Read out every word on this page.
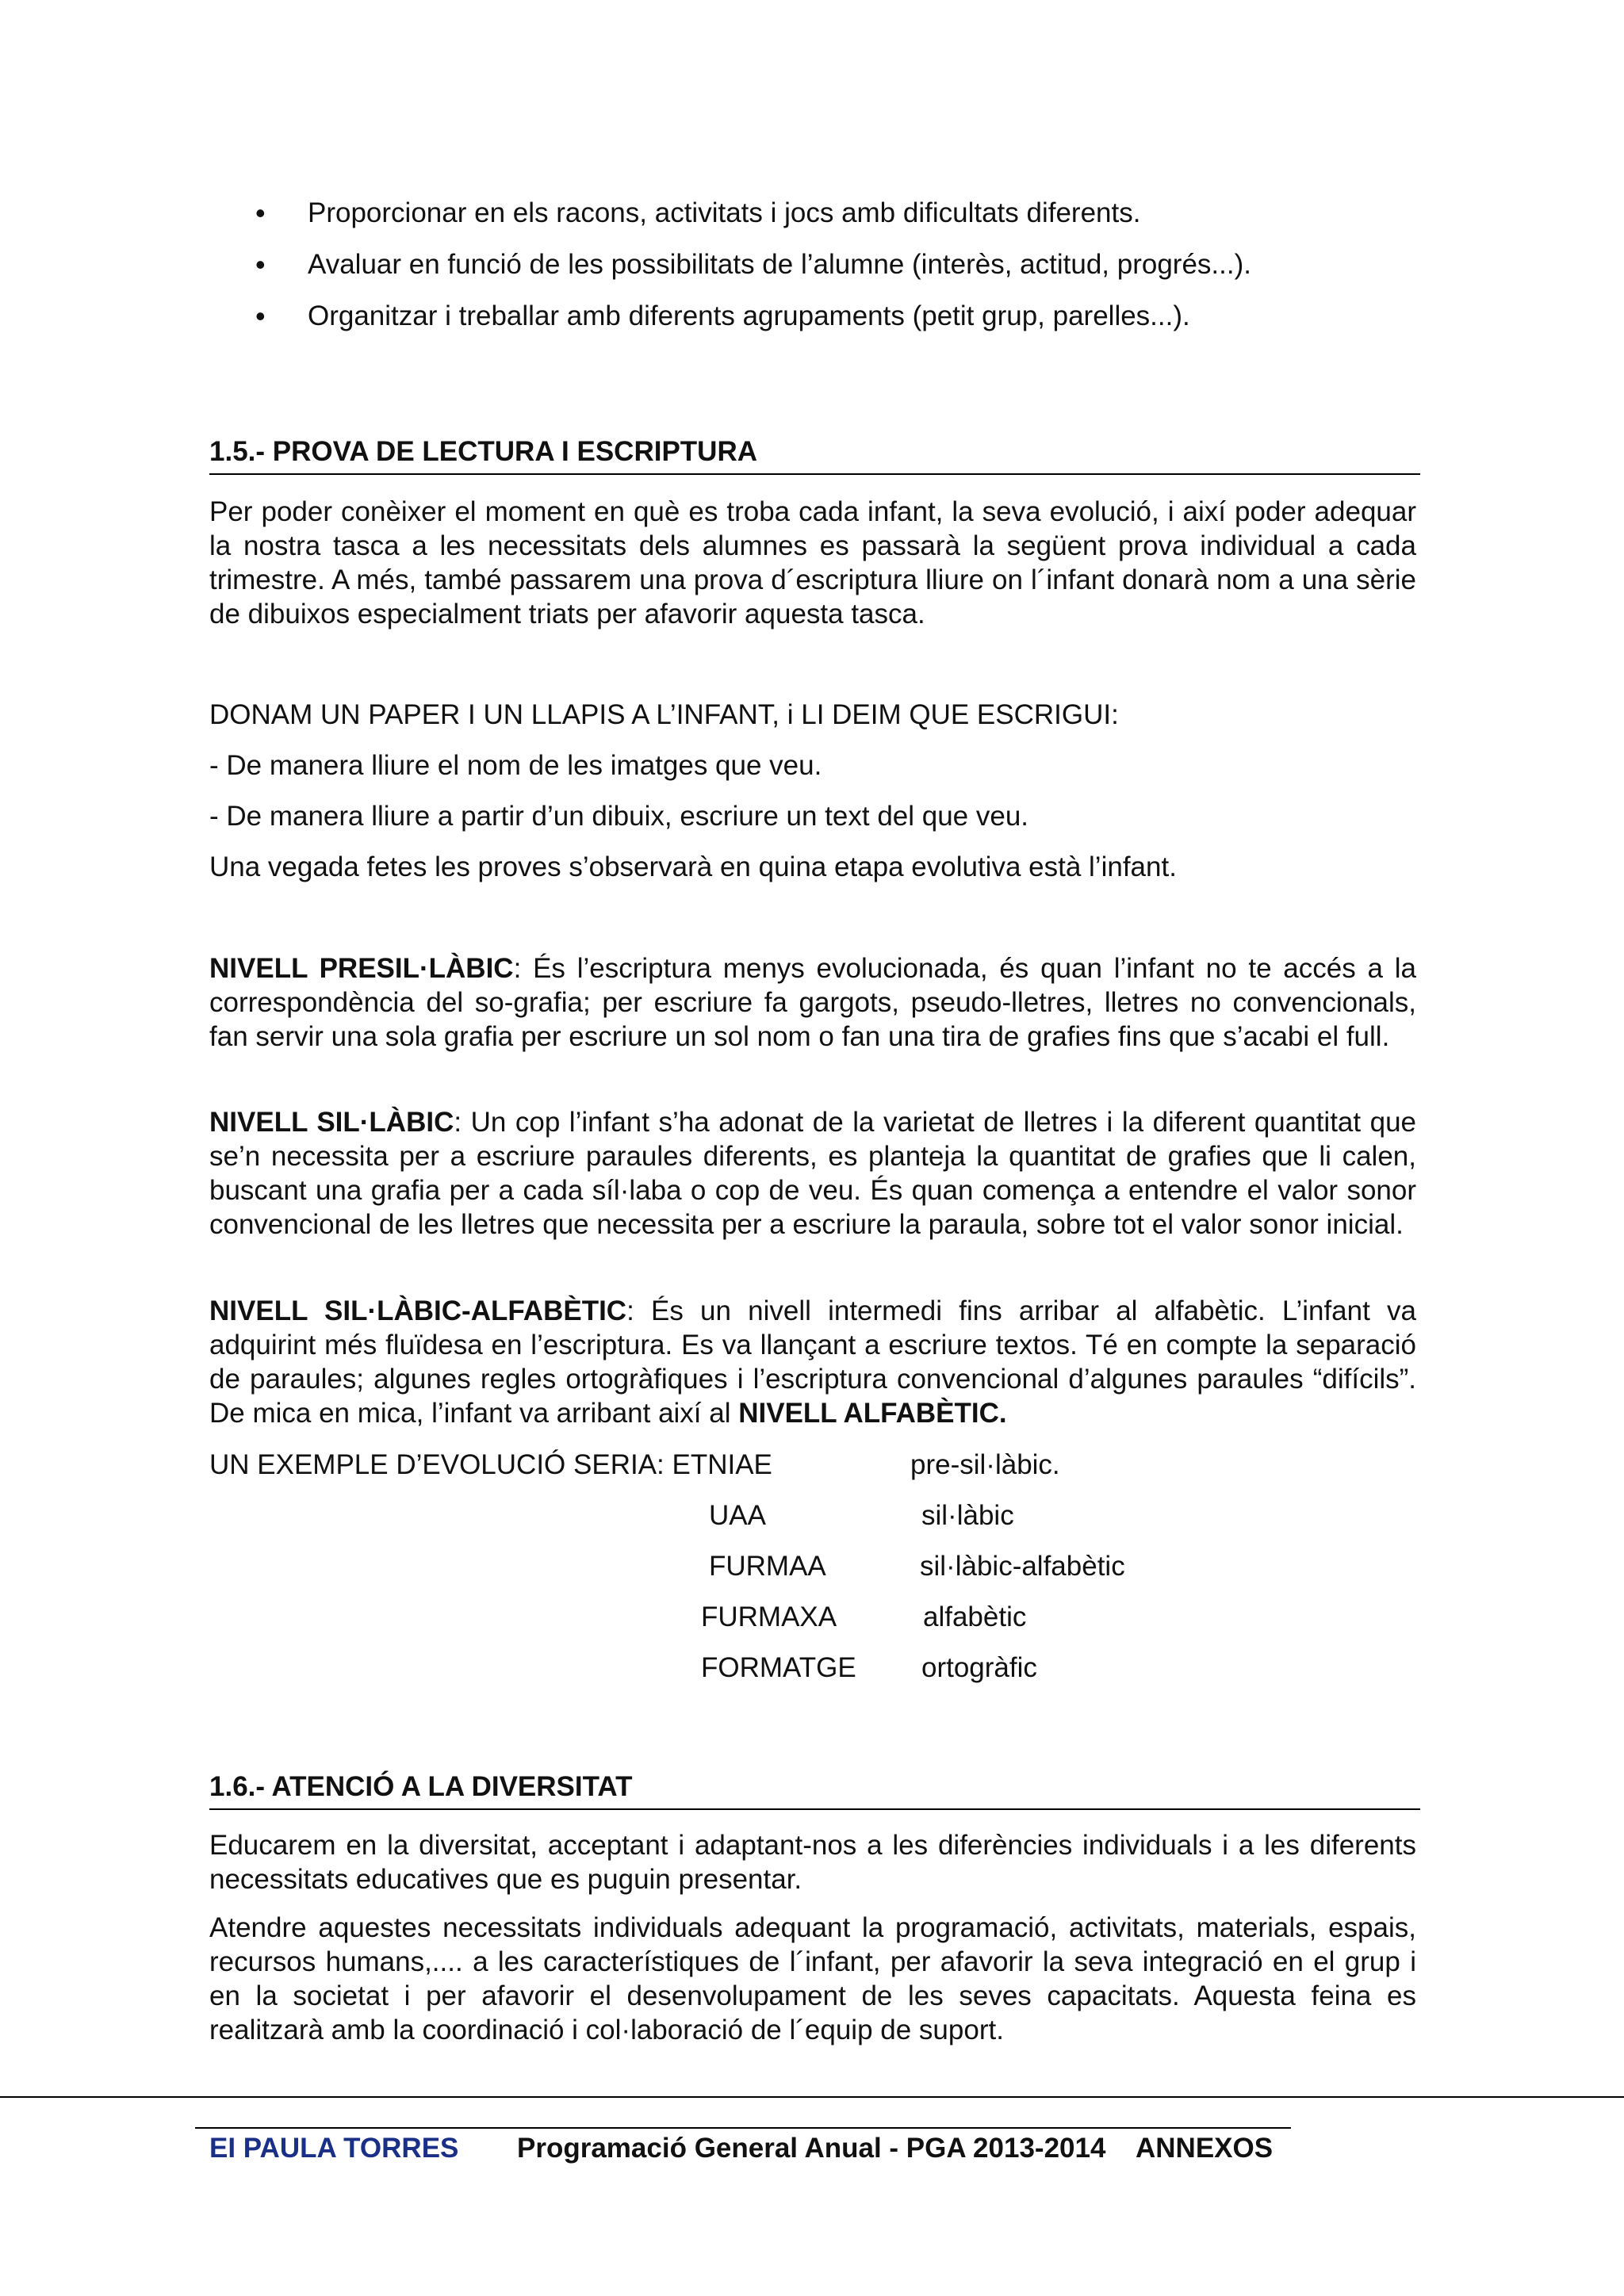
• Proporcionar en els racons, activitats i jocs amb dificultats diferents.
• Avaluar en funció de les possibilitats de l’alumne (interès, actitud, progrés...).
• Organitzar i treballar amb diferents agrupaments (petit grup, parelles...).
1.5.- PROVA DE LECTURA I ESCRIPTURA
Per poder conèixer el moment en què es troba cada infant, la seva evolució, i així poder adequar la nostra tasca a les necessitats dels alumnes es passarà la següent prova individual a cada trimestre. A més, també passarem una prova d´escriptura lliure on l´infant donarà nom a una sèrie de dibuixos especialment triats per afavorir aquesta tasca.
DONAM UN PAPER I UN LLAPIS A L’INFANT, i LI DEIM QUE ESCRIGUI:
- De manera lliure el nom de les imatges que veu.
- De manera lliure a partir d’un dibuix, escriure un text del que veu.
Una vegada fetes les proves s’observarà en quina etapa evolutiva està l’infant.
NIVELL PRESIL·LÀBIC: És l’escriptura menys evolucionada, és quan l’infant no te accés a la correspondència del so-grafia; per escriure fa gargots, pseudo-lletres, lletres no convencionals, fan servir una sola grafia per escriure un sol nom o fan una tira de grafies fins que s’acabi el full.
NIVELL SIL·LÀBIC: Un cop l’infant s’ha adonat de la varietat de lletres i la diferent quantitat que se’n necessita per a escriure paraules diferents, es planteja la quantitat de grafies que li calen, buscant una grafia per a cada síl·laba o cop de veu. És quan comença a entendre el valor sonor convencional de les lletres que necessita per a escriure la paraula, sobre tot el valor sonor inicial.
NIVELL SIL·LÀBIC-ALFABÈTIC: És un nivell intermedi fins arribar al alfabètic. L’infant va adquirint més fluïdesa en l’escriptura. Es va llançant a escriure textos. Té en compte la separació de paraules; algunes regles ortogràfiques i l’escriptura convencional d’algunes paraules “difícils”. De mica en mica, l’infant va arribant així al NIVELL ALFABÈTIC.
UN EXEMPLE D’EVOLUCIÓ SERIA: ETNIAE	pre-sil·làbic.
UAA	sil·làbic
FURMAA	sil·làbic-alfabètic
FURMAXA	alfabètic
FORMATGE ortogràfic
1.6.- ATENCIÓ A LA DIVERSITAT
Educarem en la diversitat, acceptant i adaptant-nos a les diferències individuals i a les diferents necessitats educatives que es puguin presentar.
Atendre aquestes necessitats individuals adequant la programació, activitats, materials, espais, recursos humans,.... a les característiques de l´infant, per afavorir la seva integració en el grup i en la societat i per afavorir el desenvolupament de les seves capacitats. Aquesta feina es realitzarà amb la coordinació i col·laboració de l´equip de suport.
EI PAULA TORRES Programació General Anual - PGA 2013-2014 ANNEXOS
